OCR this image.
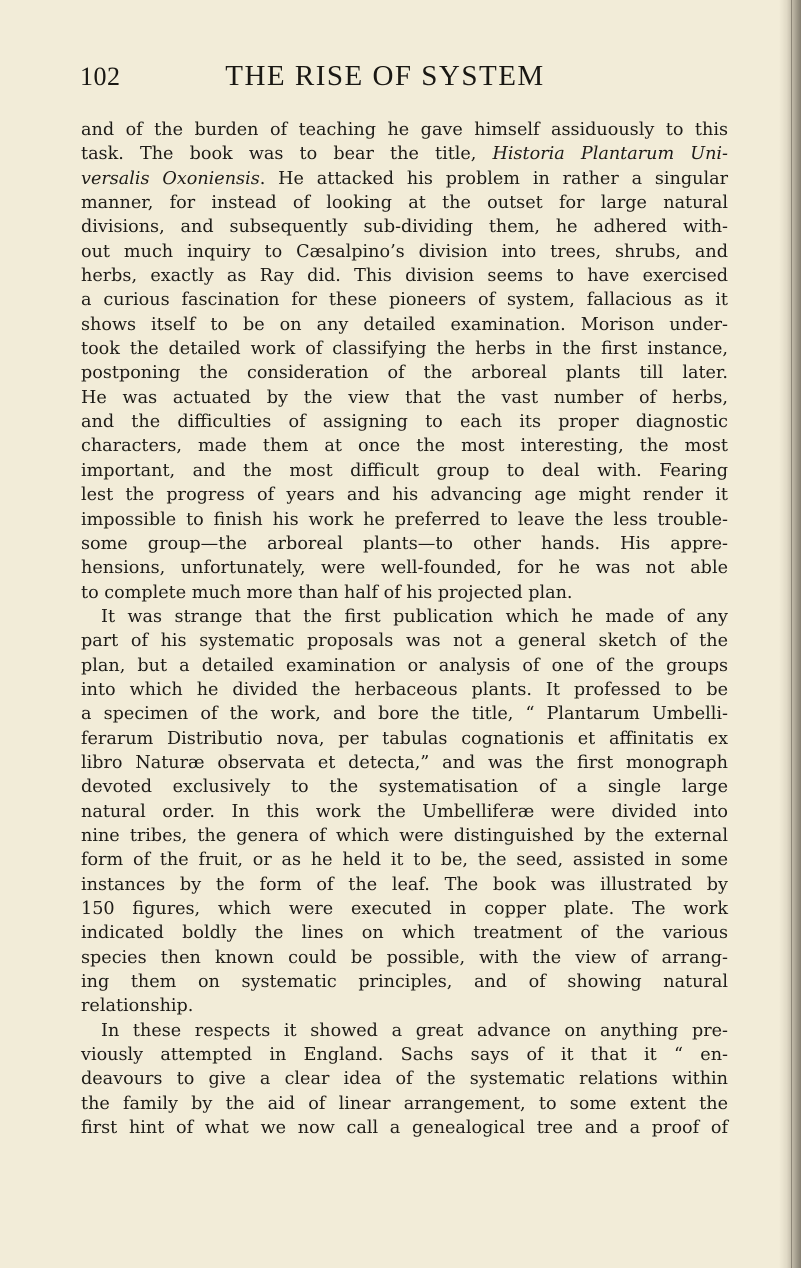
102	THE RISE OF SYSTEM
and of the burden of teaching he gave himself assiduously to this
task. The book was to bear the title, Historia Plantarum Uni-
versalis Oxoniensis. He attacked his problem in rather a singular
manner, for instead of looking at the outset for large natural
divisions, and subsequently sub-dividing them, he adhered with-
out much inquiry to Cæsalpino’s division into trees, shrubs, and
herbs, exactly as Ray did. This division seems to have exercised
a curious fascination for these pioneers of system, fallacious as it
shows itself to be on any detailed examination. Morison under-
took the detailed work of classifying the herbs in the first instance,
postponing the consideration of the arboreal plants till later.
He was actuated by the view that the vast number of herbs,
and the difficulties of assigning to each its proper diagnostic
characters, made them at once the most interesting, the most
important, and the most difficult group to deal with. Fearing
lest the progress of years and his advancing age might render it
impossible to finish his work he preferred to leave the less trouble-
some group—the arboreal plants—to other hands. His appre-
hensions, unfortunately, were well-founded, for he was not able
to complete much more than half of his projected plan.
It was strange that the first publication which he made of any
part of his systematic proposals was not a general sketch of the
plan, but a detailed examination or analysis of one of the groups
into which he divided the herbaceous plants. It professed to be
a specimen of the work, and bore the title, “ Plantarum Umbelli-
ferarum Distributio nova, per tabulas cognationis et affinitatis ex
libro Naturæ observata et detecta,” and was the first monograph
devoted exclusively to the systematisation of a single large
natural order. In this work the Umbelliferæ were divided into
nine tribes, the genera of which were distinguished by the external
form of the fruit, or as he held it to be, the seed, assisted in some
instances by the form of the leaf. The book was illustrated by
150 figures, which were executed in copper plate. The work
indicated boldly the lines on which treatment of the various
species then known could be possible, with the view of arrang-
ing them on systematic principles, and of showing natural
relationship.
In these respects it showed a great advance on anything pre-
viously attempted in England. Sachs says of it that it “ en-
deavours to give a clear idea of the systematic relations within
the family by the aid of linear arrangement, to some extent the
first hint of what we now call a genealogical tree and a proof of
